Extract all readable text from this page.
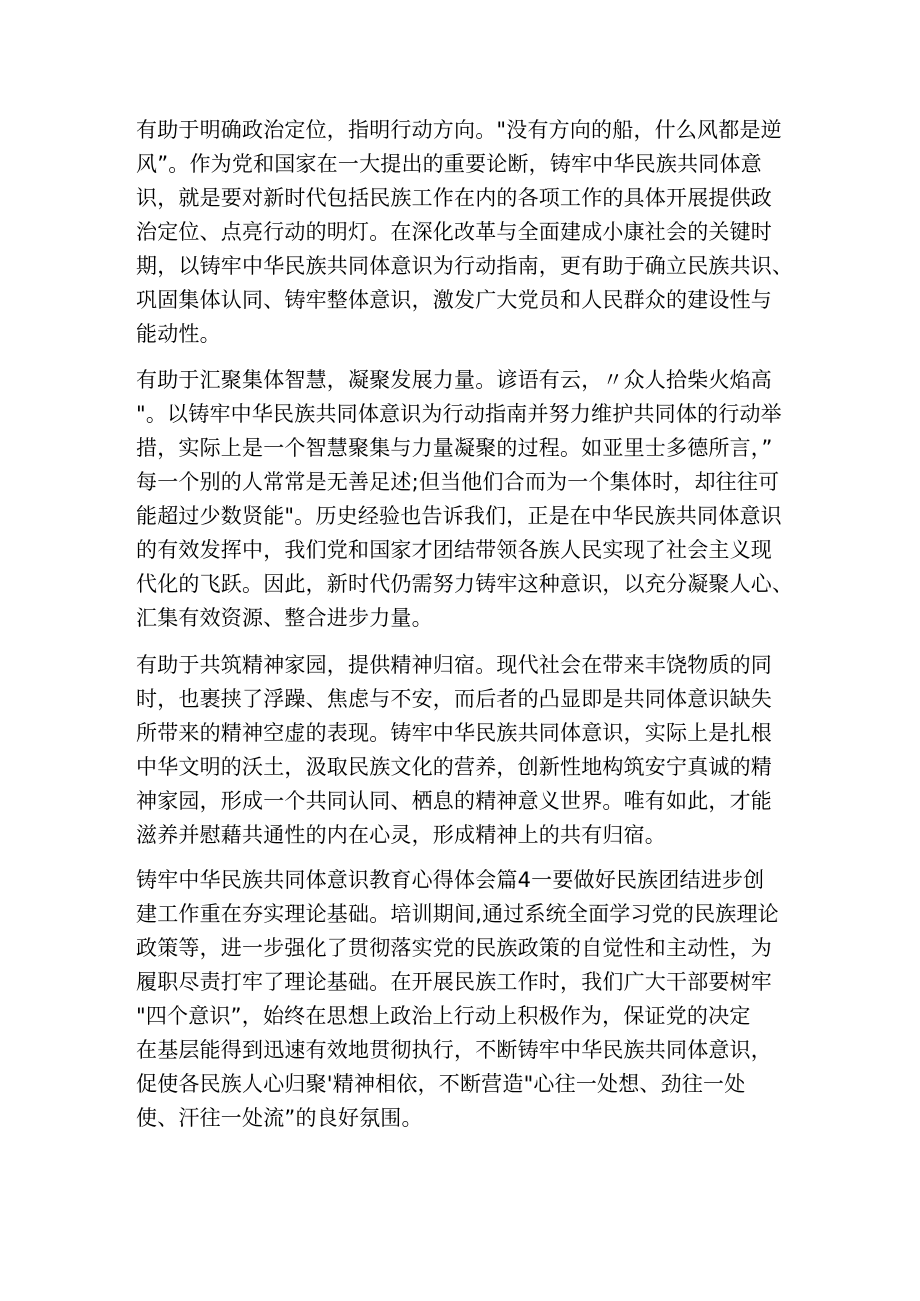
有助于明确政治定位，指明行动方向。"没有方向的船，什么风都是逆
风”。作为党和国家在一大提出的重要论断，铸牢中华民族共同体意
识，就是要对新时代包括民族工作在内的各项工作的具体开展提供政
治定位、点亮行动的明灯。在深化改革与全面建成小康社会的关键时
期，以铸牢中华民族共同体意识为行动指南，更有助于确立民族共识、
巩固集体认同、铸牢整体意识，激发广大党员和人民群众的建设性与
能动性。

有助于汇聚集体智慧，凝聚发展力量。谚语有云，〃众人拾柴火焰高
"。以铸牢中华民族共同体意识为行动指南并努力维护共同体的行动举
措，实际上是一个智慧聚集与力量凝聚的过程。如亚里士多德所言，”
每一个别的人常常是无善足述;但当他们合而为一个集体时，却往往可
能超过少数贤能"。历史经验也告诉我们，正是在中华民族共同体意识
的有效发挥中，我们党和国家才团结带领各族人民实现了社会主义现
代化的飞跃。因此，新时代仍需努力铸牢这种意识，以充分凝聚人心、
汇集有效资源、整合进步力量。

有助于共筑精神家园，提供精神归宿。现代社会在带来丰饶物质的同
时，也裹挟了浮躁、焦虑与不安，而后者的凸显即是共同体意识缺失
所带来的精神空虚的表现。铸牢中华民族共同体意识，实际上是扎根
中华文明的沃土，汲取民族文化的营养，创新性地构筑安宁真诚的精
神家园，形成一个共同认同、栖息的精神意义世界。唯有如此，才能
滋养并慰藉共通性的内在心灵，形成精神上的共有归宿。

铸牢中华民族共同体意识教育心得体会篇4一要做好民族团结进步创
建工作重在夯实理论基础。培训期间,通过系统全面学习党的民族理论
政策等，进一步强化了贯彻落实党的民族政策的自觉性和主动性，为
履职尽责打牢了理论基础。在开展民族工作时，我们广大干部要树牢
"四个意识”，始终在思想上政治上行动上积极作为，保证党的决定
在基层能得到迅速有效地贯彻执行，不断铸牢中华民族共同体意识，
促使各民族人心归聚'精神相依，不断营造"心往一处想、劲往一处
使、汗往一处流”的良好氛围。
